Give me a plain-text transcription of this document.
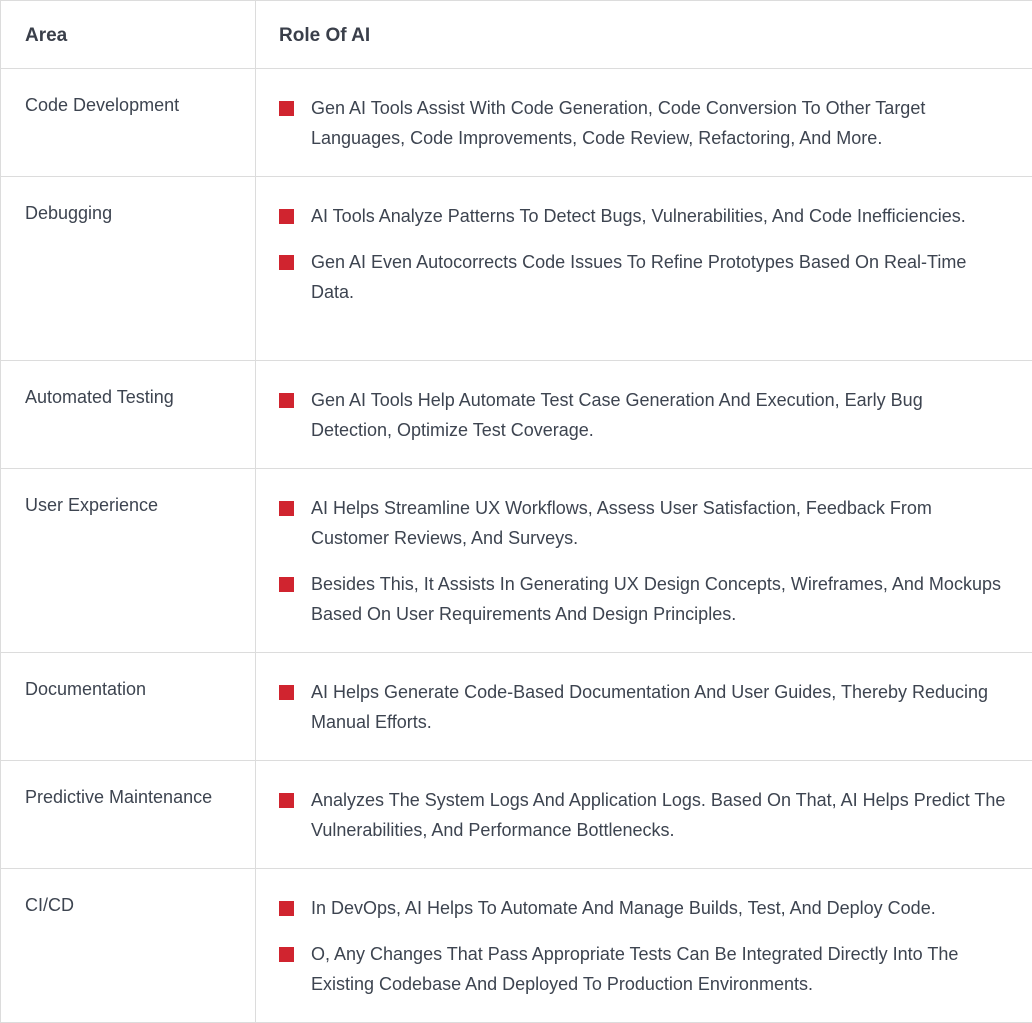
Area	Role Of AI
Code Development	Gen AI Tools Assist With Code Generation, Code Conversion To Other Target Languages, Code Improvements, Code Review, Refactoring, And More.

Debugging	AI Tools Analyze Patterns To Detect Bugs, Vulnerabilities, And Code Inefficiencies.
Gen AI Even Autocorrects Code Issues To Refine Prototypes Based On Real-Time Data.

Automated Testing	Gen AI Tools Help Automate Test Case Generation And Execution, Early Bug Detection, Optimize Test Coverage.

User Experience	AI Helps Streamline UX Workflows, Assess User Satisfaction, Feedback From Customer Reviews, And Surveys.
Besides This, It Assists In Generating UX Design Concepts, Wireframes, And Mockups Based On User Requirements And Design Principles.

Documentation	AI Helps Generate Code-Based Documentation And User Guides, Thereby Reducing Manual Efforts.

Predictive Maintenance	Analyzes The System Logs And Application Logs. Based On That, AI Helps Predict The Vulnerabilities, And Performance Bottlenecks.

CI/CD	In DevOps, AI Helps To Automate And Manage Builds, Test, And Deploy Code.
O, Any Changes That Pass Appropriate Tests Can Be Integrated Directly Into The Existing Codebase And Deployed To Production Environments.
